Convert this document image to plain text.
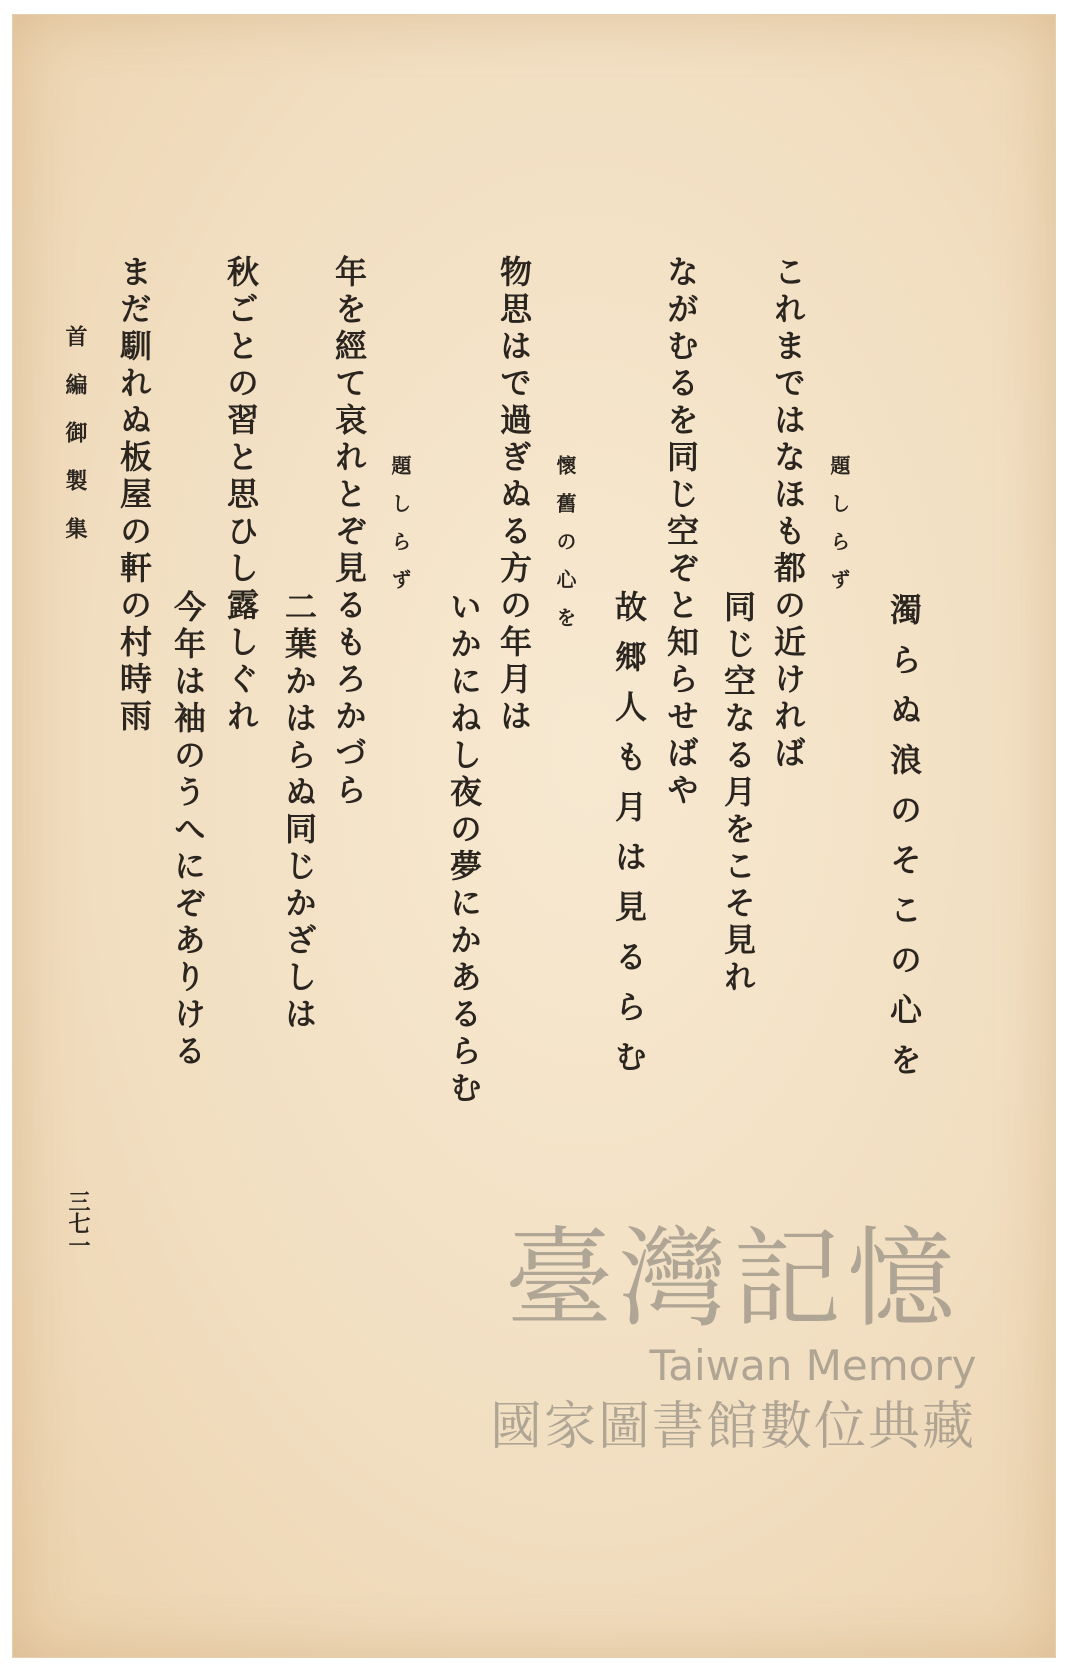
濁らぬ浪のそこの心を
題しらず
これまではなほも都の近ければ
同じ空なる月をこそ見れ
ながむるを同じ空ぞと知らせばや
故郷人も月は見るらむ
懷舊の心を
物思はで過ぎぬる方の年月は
いかにねし夜の夢にかあるらむ
題しらず
年を經て哀れとぞ見るもろかづら
二葉かはらぬ同じかざしは
秋ごとの習と思ひし露しぐれ
今年は袖のうへにぞありける
まだ馴れぬ板屋の軒の村時雨
首編御製集
三七一	臺灣記憶
Taiwan Memory
國家圖書館數位典藏
